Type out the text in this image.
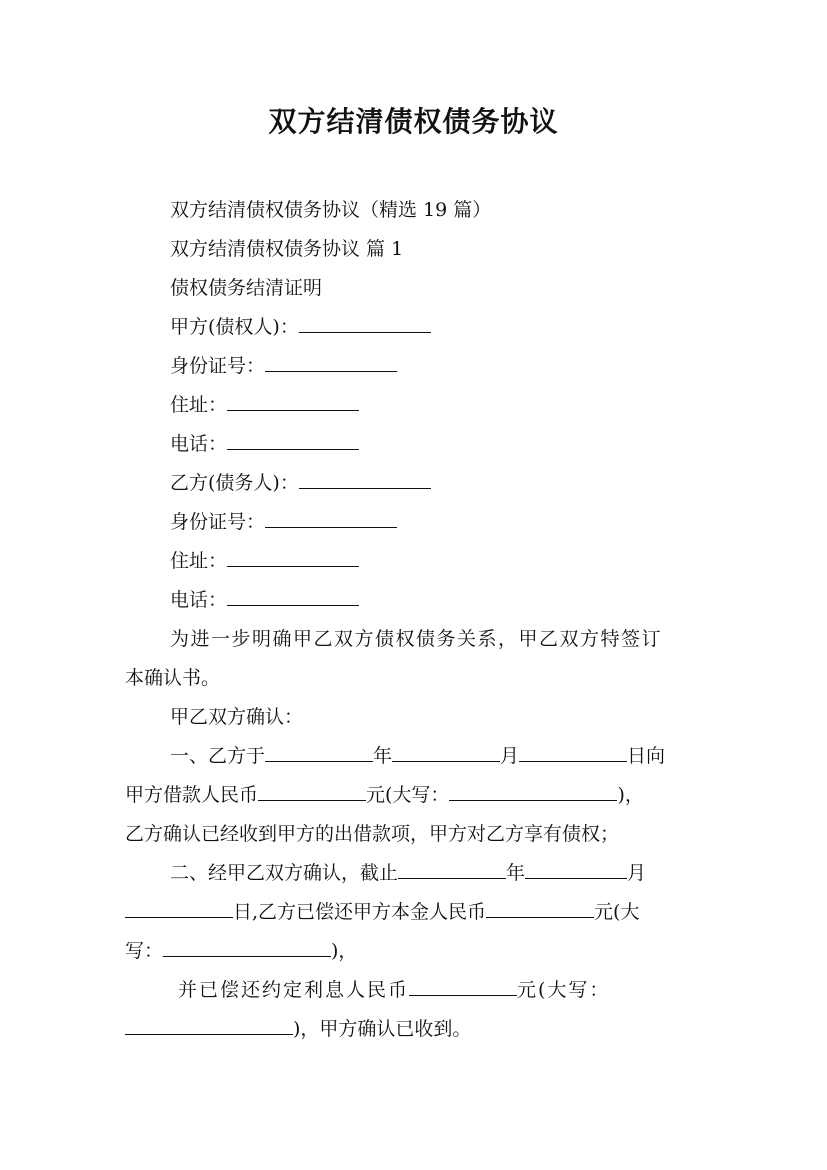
双方结清债权债务协议
双方结清债权债务协议（精选 19 篇）
双方结清债权债务协议 篇 1
债权债务结清证明
甲方(债权人)：
身份证号：
住址：
电话：
乙方(债务人)：
身份证号：
住址：
电话：
为进一步明确甲乙双方债权债务关系，甲乙双方特签订
本确认书。
甲乙双方确认：
一、乙方于	年	月	日向
甲方借款人民币	元(大写：	)，
乙方确认已经收到甲方的出借款项，甲方对乙方享有债权；
二、经甲乙双方确认，截止	年	月
日,乙方已偿还甲方本金人民币	元(大
写：	)，
并已偿还约定利息人民币	元(大写：
)，甲方确认已收到。
